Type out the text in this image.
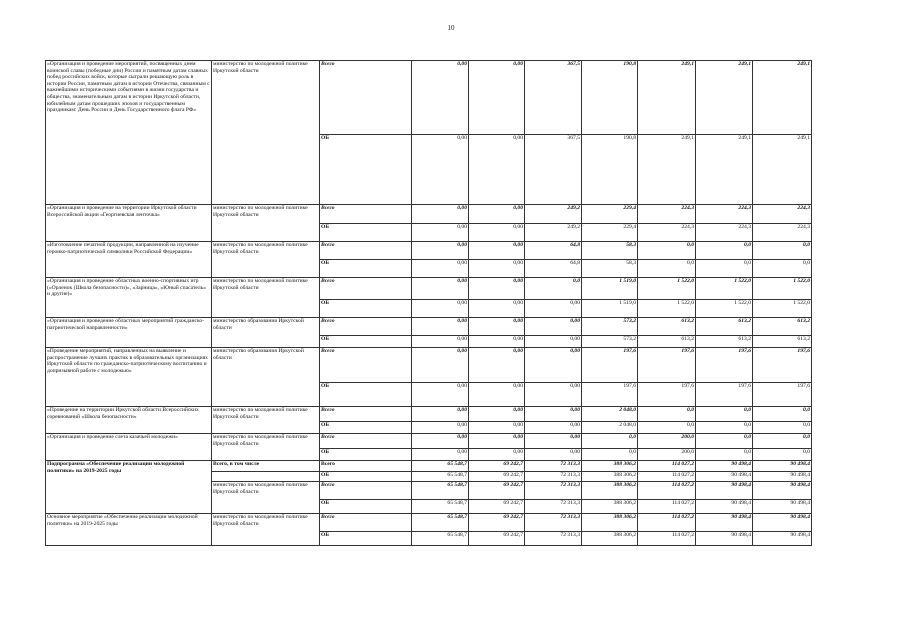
10
«Организация и проведение мероприятий, посвященных днем воинской славы (победные дни) России и памятным датам славных побед российских войск, которые сыграли решающую роль в истории России, памятным датам в истории Отечества, связанным с важнейшими историческими событиями в жизни государства и общества, знаменательным датам в истории Иркутской области, юбилейным датам прошедших эпохов и государственным праздникам: День России и День Государственного флага РФ»	министерство по молодежной политике Иркутской области	Всего	0,00	0,00	367,5	190,8	249,1	249,1	249,1
		ОБ	0,00	0,00	367,5	190,8	249,1	249,1	249,1
«Организация и проведение на территории Иркутской области Всероссийской акции «Георгиевская ленточка»	министерство по молодежной политике Иркутской области	Всего	0,00	0,00	249,2	229,4	224,3	224,3	224,3
		ОБ	0,00	0,00	249,2	229,4	224,3	224,3	224,3
«Изготовление печатной продукции, направленной на изучение героико-патриотической символики Российской Федерации»	министерство по молодежной политике Иркутской области	Всего	0,00	0,00	64,8	58,3	0,0	0,0	0,0
		ОБ	0,00	0,00	64,8	58,3	0,0	0,0	0,0
«Организация и проведение областных военно-спортивных игр («Орленок (Школа безопасности)», «Зарница», «Юный спасатель» и другие)»	министерство по молодежной политике Иркутской области	Всего	0,00	0,00	0,0	1 519,0	1 522,0	1 522,0	1 522,0
		ОБ	0,00	0,00	0,00	1 519,0	1 522,0	1 522,0	1 522,0
«Организация и проведение областных мероприятий гражданско-патриотической направленности»	министерство образования Иркутской области	Всего	0,00	0,00	0,00	573,2	613,2	613,2	613,2
		ОБ	0,00	0,00	0,00	573,2	613,2	613,2	613,2
«Проведение мероприятий, направленных на выявление и распространение лучших практик в образовательных организациях Иркутской области по гражданско-патриотическому воспитанию и допризывной работе с молодежью»	министерство образования Иркутской области	Всего	0,00	0,00	0,00	197,6	197,6	197,6	197,6
		ОБ	0,00	0,00	0,00	197,6	197,6	197,6	197,6
«Проведение на территории Иркутской области Всероссийских соревнований «Школа безопасности»	министерство по молодежной политике Иркутской области	Всего	0,00	0,00	0,00	2 048,0	0,0	0,0	0,0
		ОБ	0,00	0,00	0,00	2 048,0	0,0	0,0	0,0
«Организация и проведение слета казачьей молодежи»	министерство по молодежной политике Иркутской области	Всего	0,00	0,00	0,00	0,0	200,0	0,0	0,0
		ОБ	0,00	0,00	0,00	0,0	200,0	0,0	0,0
Подпрограмма «Обеспечение реализации молодежной политики» на 2019-2025 годы	Всего, в том числе	Всего	65 548,7	69 242,7	72 313,3	388 306,2	114 027,2	90 498,4	90 498,4
		ОБ	65 548,7	69 242,7	72 313,3	388 306,2	114 027,2	90 498,4	90 498,4
	министерство по молодежной политике Иркутской области	Всего	65 548,7	69 242,7	72 313,3	388 306,2	114 027,2	90 498,4	90 498,4
		ОБ	65 548,7	69 242,7	72 313,3	388 306,2	114 027,2	90 498,4	90 498,4
Основное мероприятие «Обеспечение реализации молодежной политики» на 2019-2025 годы	министерство по молодежной политике Иркутской области	Всего	65 548,7	69 242,7	72 313,3	388 306,2	114 027,2	90 498,4	90 498,4
		ОБ	65 548,7	69 242,7	72 313,3	388 306,2	114 027,2	90 498,4	90 498,4
